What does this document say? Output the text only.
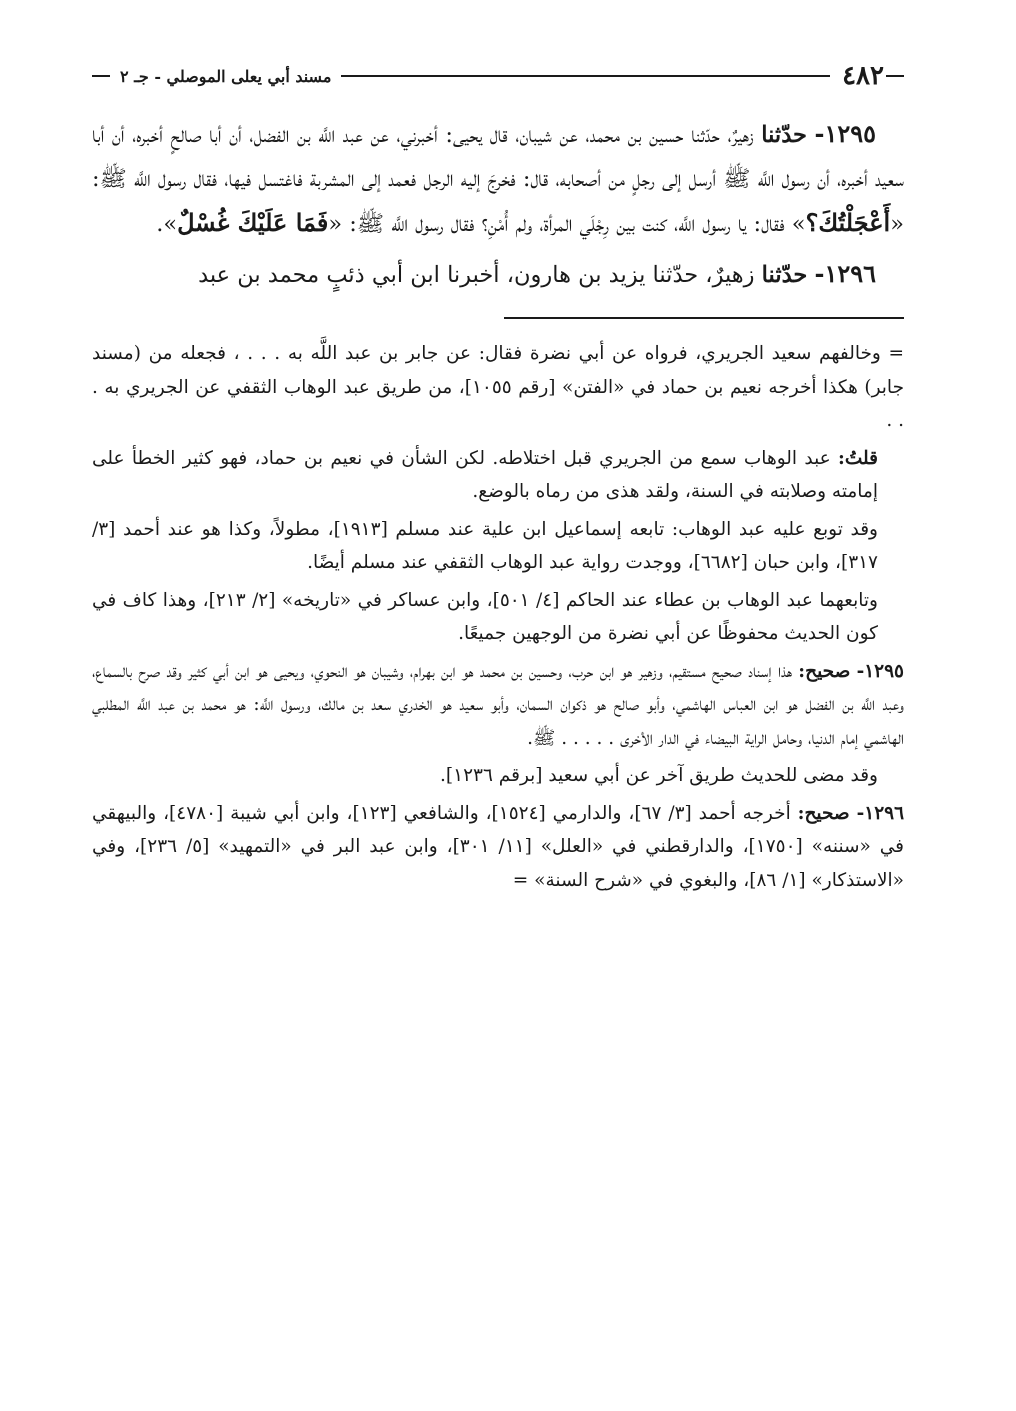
٤٨٢
مسند أبي يعلى الموصلي - جـ ٢

١٢٩٥- حدّثنا زهيرٌ، حدّثنا حسين بن محمد، عن شيبان، قال يحيى: أخبرني، عن عبد اللَّه بن الفضل، أن أبا صالحٍ أخبره، أن أبا سعيد أخبره، أن رسول اللَّه ﷺ أرسل إلى رجلٍ من أصحابه، قال: فخرجَ إليه الرجل فعمد إلى المشربة فاغتسل فيها، فقال رسول اللَّه ﷺ: «أَعْجَلْتُكَ؟» فقال: يا رسول اللَّه، كنت بين رِجْلَي المرأة، ولم أُمْنِ؟ فقال رسول اللَّه ﷺ: «فَمَا عَلَيْكَ غُسْلٌ».

١٢٩٦- حدّثنا زهيرٌ، حدّثنا يزيد بن هارون، أخبرنا ابن أبي ذئبٍ محمد بن عبد

= وخالفهم سعيد الجريري، فرواه عن أبي نضرة فقال: عن جابر بن عبد اللَّه به . . . ، فجعله من (مسند جابر) هكذا أخرجه نعيم بن حماد في «الفتن» [رقم ١٠٥٥]، من طريق عبد الوهاب الثقفي عن الجريري به . . .

قلتُ: عبد الوهاب سمع من الجريري قبل اختلاطه. لكن الشأن في نعيم بن حماد، فهو كثير الخطأ على إمامته وصلابته في السنة، ولقد هذى من رماه بالوضع.

وقد توبع عليه عبد الوهاب: تابعه إسماعيل ابن علية عند مسلم [١٩١٣]، مطولاً، وكذا هو عند أحمد [٣/ ٣١٧]، وابن حبان [٦٦٨٢]، ووجدت رواية عبد الوهاب الثقفي عند مسلم أيضًا.

وتابعهما عبد الوهاب بن عطاء عند الحاكم [٤/ ٥٠١]، وابن عساكر في «تاريخه» [٢/ ٢١٣]، وهذا كاف في كون الحديث محفوظًا عن أبي نضرة من الوجهين جميعًا.

١٢٩٥- صحيح: هذا إسناد صحيح مستقيم، وزهير هو ابن حرب، وحسين بن محمد هو ابن بهرام، وشيبان هو النحوي، ويحيى هو ابن أبي كثير وقد صرح بالسماع، وعبد اللَّه بن الفضل هو ابن العباس الهاشمي، وأبو صالح هو ذكوان السمان، وأبو سعيد هو الخدري سعد بن مالك، ورسول اللَّه: هو محمد بن عبد اللَّه المطلبي الهاشمي إمام الدنيا، وحامل الراية البيضاء في الدار الأخرى . . . . . ﷺ.

وقد مضى للحديث طريق آخر عن أبي سعيد [برقم ١٢٣٦].

١٢٩٦- صحيح: أخرجه أحمد [٣/ ٦٧]، والدارمي [١٥٢٤]، والشافعي [١٢٣]، وابن أبي شيبة [٤٧٨٠]، والبيهقي في «سننه» [١٧٥٠]، والدارقطني في «العلل» [١١/ ٣٠١]، وابن عبد البر في «التمهيد» [٥/ ٢٣٦]، وفي «الاستذكار» [١/ ٨٦]، والبغوي في «شرح السنة» =
